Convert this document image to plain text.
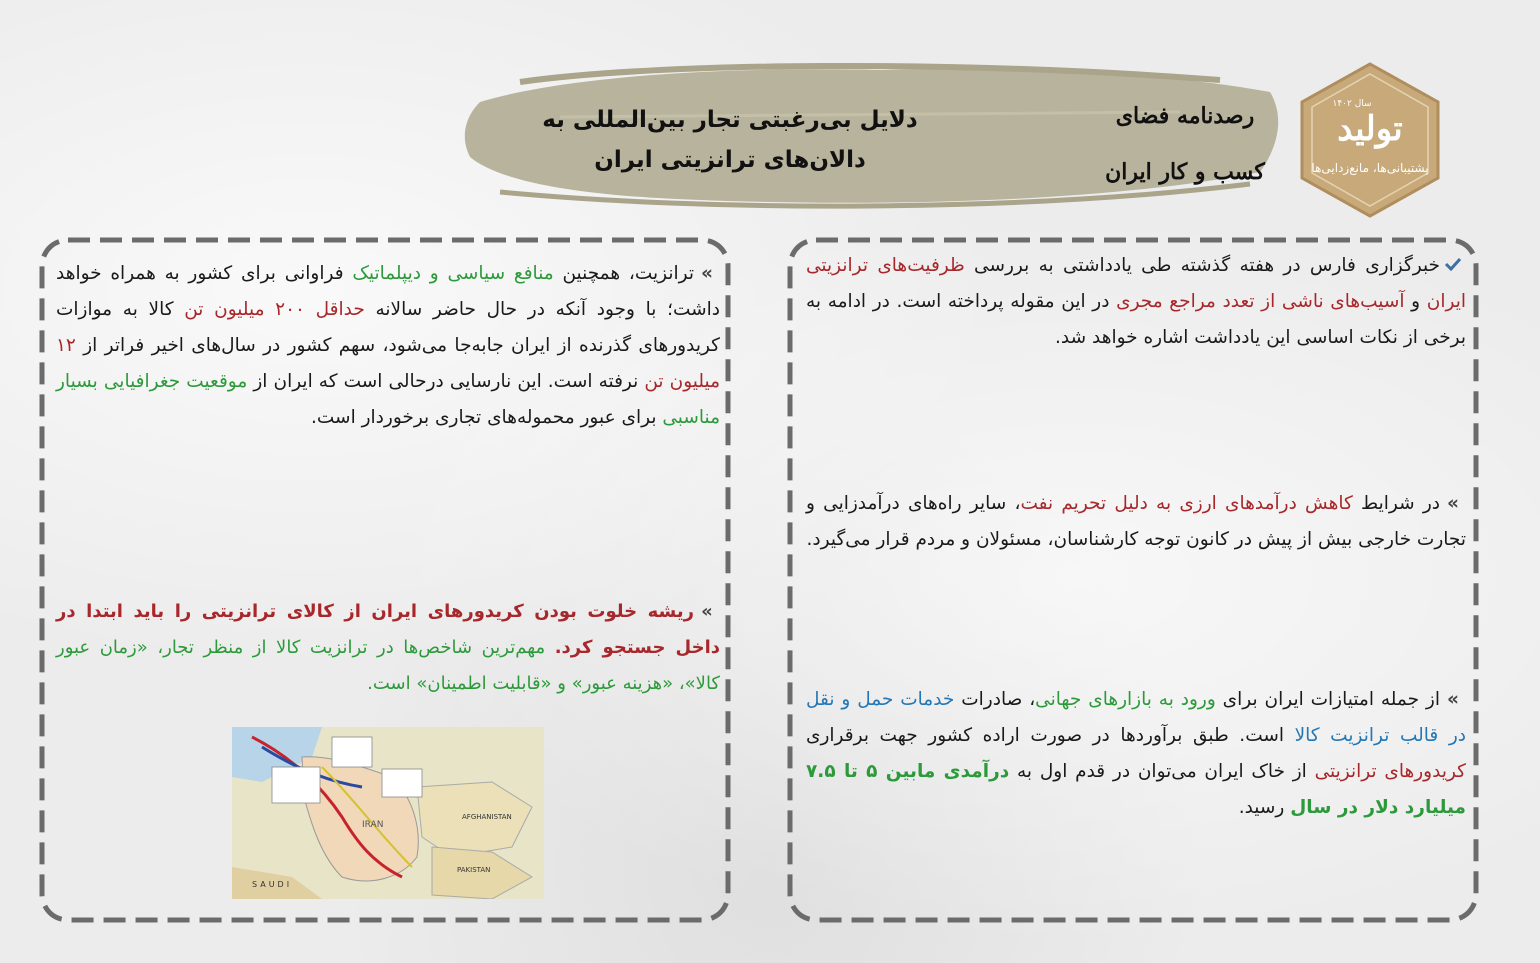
دلایل بی‌رغبتی تجار بین‌المللی به
دالان‌های ترانزیتی ایران
رصدنامه فضای
کسب و کار ایران
تولید
پشتیبانی‌ها، مانع‌زدایی‌ها
سال ۱۴۰۲
خبرگزاری فارس در هفته گذشته طی یادداشتی به بررسی ظرفیت‌های ترانزیتی ایران و آسیب‌های ناشی از تعدد مراجع مجری در این مقوله پرداخته است. در ادامه به برخی از نکات اساسی این یادداشت اشاره خواهد شد.
»در شرایط کاهش درآمدهای ارزی به دلیل تحریم نفت، سایر راه‌های درآمدزایی و تجارت خارجی بیش از پیش در کانون توجه کارشناسان، مسئولان و مردم قرار می‌گیرد.
»از جمله امتیازات ایران برای ورود به بازارهای جهانی، صادرات خدمات حمل و نقل در قالب ترانزیت کالا است. طبق برآوردها در صورت اراده کشور جهت برقراری کریدورهای ترانزیتی از خاک ایران می‌توان در قدم اول به درآمدی مابین ۵ تا ۷.۵ میلیارد دلار در سال رسید.
»ترانزیت، همچنین منافع سیاسی و دیپلماتیک فراوانی برای کشور به همراه خواهد داشت؛ با وجود آنکه در حال حاضر سالانه حداقل ۲۰۰ میلیون تن کالا به موازات کریدورهای گذرنده از ایران جابه‌جا می‌شود، سهم کشور در سال‌های اخیر فراتر از ۱۲ میلیون تن نرفته است. این نارسایی درحالی است که ایران از موقعیت جغرافیایی بسیار مناسبی برای عبور محموله‌های تجاری برخوردار است.
»ریشه خلوت بودن کریدورهای ایران از کالای ترانزیتی را باید ابتدا در داخل جستجو کرد. مهم‌ترین شاخص‌ها در ترانزیت کالا از منظر تجار، «زمان عبور کالا»، «هزینه عبور» و «قابلیت اطمینان» است.
AFGHANISTAN
PAKISTAN
SAUDI
IRAN
